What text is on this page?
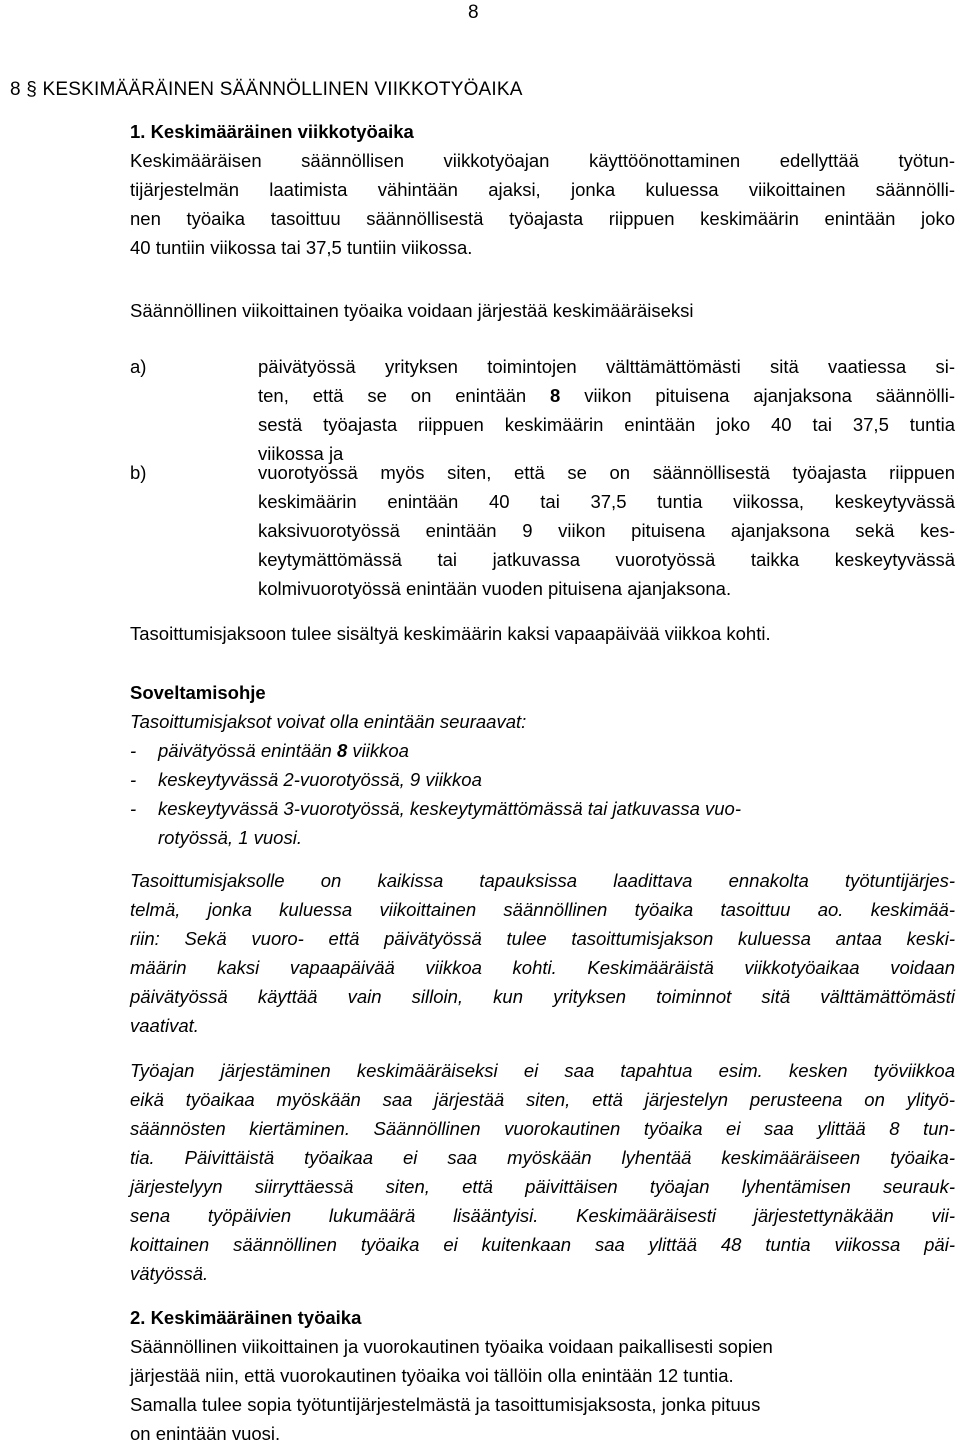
8
8 § KESKIMÄÄRÄINEN SÄÄNNÖLLINEN VIIKKOTYÖAIKA
1. Keskimääräinen viikkotyöaika
Keskimääräisen säännöllisen viikkotyöajan käyttöönottaminen edellyttää työtun-
tijärjestelmän laatimista vähintään ajaksi, jonka kuluessa viikoittainen säännölli-
nen työaika tasoittuu säännöllisestä työajasta riippuen keskimäärin enintään joko
40 tuntiin viikossa tai 37,5 tuntiin viikossa.
Säännöllinen viikoittainen työaika voidaan järjestää keskimääräiseksi
a)	päivätyössä yrityksen toimintojen välttämättömästi sitä vaatiessa si-
ten, että se on enintään 8 viikon pituisena ajanjaksona säännölli-
sestä työajasta riippuen keskimäärin enintään joko 40 tai 37,5 tuntia
viikossa ja
b)	vuorotyössä myös siten, että se on säännöllisestä työajasta riippuen
keskimäärin enintään 40 tai 37,5 tuntia viikossa, keskeytyvässä
kaksivuorotyössä enintään 9 viikon pituisena ajanjaksona sekä kes-
keytymättömässä tai jatkuvassa vuorotyössä taikka keskeytyvässä
kolmivuorotyössä enintään vuoden pituisena ajanjaksona.
Tasoittumisjaksoon tulee sisältyä keskimäärin kaksi vapaapäivää viikkoa kohti.
Soveltamisohje
Tasoittumisjaksot voivat olla enintään seuraavat:
- päivätyössä enintään 8 viikkoa
- keskeytyvässä 2-vuorotyössä, 9 viikkoa
- keskeytyvässä 3-vuorotyössä, keskeytymättömässä tai jatkuvassa vuo-
rotyössä, 1 vuosi.
Tasoittumisjaksolle on kaikissa tapauksissa laadittava ennakolta työtuntijärjes-
telmä, jonka kuluessa viikoittainen säännöllinen työaika tasoittuu ao. keskimää-
riin: Sekä vuoro- että päivätyössä tulee tasoittumisjakson kuluessa antaa keski-
määrin kaksi vapaapäivää viikkoa kohti. Keskimääräistä viikkotyöaikaa voidaan
päivätyössä käyttää vain silloin, kun yrityksen toiminnot sitä välttämättömästi
vaativat.
Työajan järjestäminen keskimääräiseksi ei saa tapahtua esim. kesken työviikkoa
eikä työaikaa myöskään saa järjestää siten, että järjestelyn perusteena on ylityö-
säännösten kiertäminen. Säännöllinen vuorokautinen työaika ei saa ylittää 8 tun-
tia. Päivittäistä työaikaa ei saa myöskään lyhentää keskimääräiseen työaika-
järjestelyyn siirryttäessä siten, että päivittäisen työajan lyhentämisen seurauk-
sena työpäivien lukumäärä lisääntyisi. Keskimääräisesti järjestettynäkään vii-
koittainen säännöllinen työaika ei kuitenkaan saa ylittää 48 tuntia viikossa päi-
vätyössä.
2. Keskimääräinen työaika
Säännöllinen viikoittainen ja vuorokautinen työaika voidaan paikallisesti sopien
järjestää niin, että vuorokautinen työaika voi tällöin olla enintään 12 tuntia.
Samalla tulee sopia työtuntijärjestelmästä ja tasoittumisjaksosta, jonka pituus
on enintään vuosi.
